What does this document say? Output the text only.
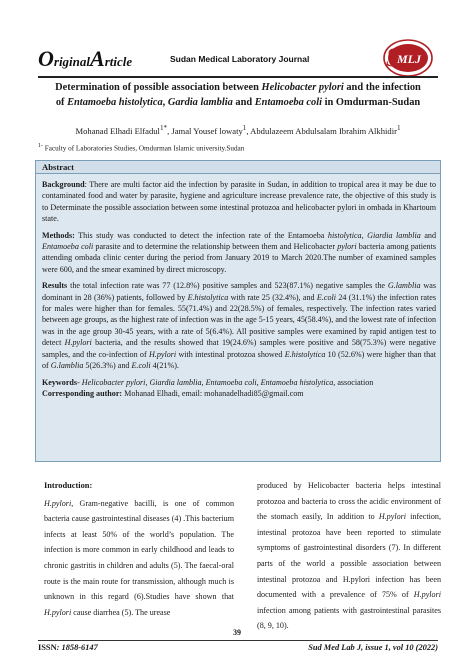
OriginalArticle	Sudan Medical Laboratory Journal	S
MLJ
Determination of possible association between Helicobacter pylori and the infection
of Entamoeba histolytica, Gardia lamblia and Entamoeba coli in Omdurman-Sudan
Mohanad Elhadi Elfadul$^{1*}$, Jamal Yousef lowaty$^1$, Abdulazeem Abdulsalam Ibrahim Alkhidir$^1$
$^{1-}$ Faculty of Laboratories Studies, Omdurman Islamic university.Sudan
Abstract

Background: There are multi factor aid the infection by parasite in Sudan, in addition to tropical area it may be due to contaminated food and water by parasite, hygiene and agriculture increase prevalence rate, the objective of this study is to Determinate the possible association between some intestinal protozoa and helicobacter pylori in ombada in Khartoum state.

Methods: This study was conducted to detect the infection rate of the Entamoeba histolytica, Giardia lamblia and Entamoeba coli parasite and to determine the relationship between them and Helicobacter pylori bacteria among patients attending ombada clinic center during the period from January 2019 to March 2020.The number of examined samples were 600, and the smear examined by direct microscopy.

Results the total infection rate was 77 (12.8%) positive samples and 523(87.1%) negative samples the G.lamblia was dominant in 28 (36%) patients, followed by E.histolytica with rate 25 (32.4%), and E.coli 24 (31.1%) the infection rates for males were higher than for females. 55(71.4%) and 22(28.5%) of females, respectively. The infection rates varied between age groups, as the highest rate of infection was in the age 5-15 years, 45(58.4%), and the lowest rate of infection was in the age group 30-45 years, with a rate of 5(6.4%). All positive samples were examined by rapid antigen test to detect H.pylori bacteria, and the results showed that 19(24.6%) samples were positive and 58(75.3%) were negative samples, and the co-infection of H.pylori with intestinal protozoa showed E.histolytica 10 (52.6%) were higher than that of G.lamblia 5(26.3%) and E.coli 4(21%).

Keywords- Helicobacter pylori, Giardia lamblia, Entamoeba coli, Entamoeba histolytica, association
Corresponding author: Mohanad Elhadi, email: mohanadelhadi85@gmail.com

Introduction:
H.pylori, Gram-negative bacilli, is one of common bacteria cause gastrointestinal diseases (4) .This bacterium infects at least 50% of the world’s population. The infection is more common in early childhood and leads to chronic gastritis in children and adults (5). The faecal-oral route is the main route for transmission, although much is unknown in this regard (6).Studies have shown that H.pylori cause diarrhea (5). The urease
produced by Helicobacter bacteria helps intestinal protozoa and bacteria to cross the acidic environment of the stomach easily, In addition to H.pylori infection, intestinal protozoa have been reported to stimulate symptoms of gastrointestinal disorders (7). In different parts of the world a possible association between intestinal protozoa and H.pylori infection has been documented with a prevalence of 75% of H.pylori infection among patients with gastrointestinal parasites (8, 9, 10).
39
ISSN: 1858-6147	Sud Med Lab J, issue 1, vol 10 (2022)
